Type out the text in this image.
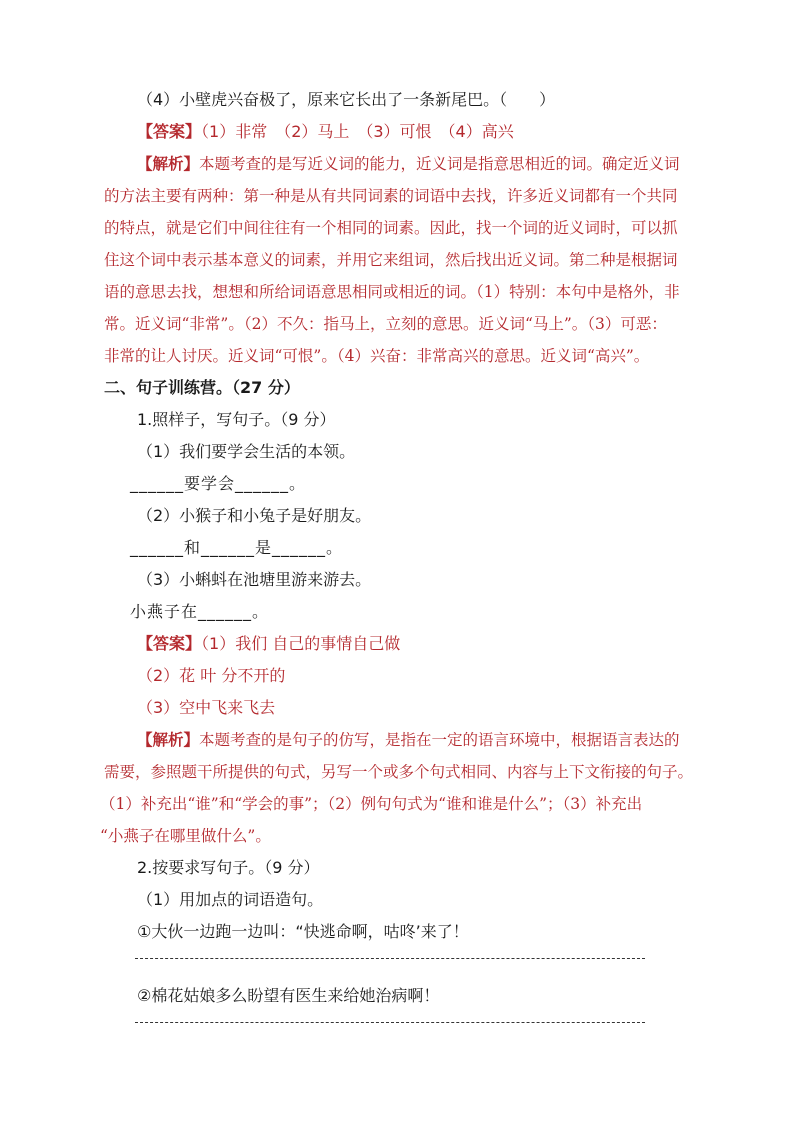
（4）小壁虎兴奋极了，原来它长出了一条新尾巴。（　　）
【答案】（1）非常　（2）马上　（3）可恨　（4）高兴
【解析】本题考查的是写近义词的能力，近义词是指意思相近的词。确定近义词
的方法主要有两种：第一种是从有共同词素的词语中去找，许多近义词都有一个共同
的特点，就是它们中间往往有一个相同的词素。因此，找一个词的近义词时，可以抓
住这个词中表示基本意义的词素，并用它来组词，然后找出近义词。第二种是根据词
语的意思去找，想想和所给词语意思相同或相近的词。（1）特别：本句中是格外，非
常。近义词“非常”。（2）不久：指马上，立刻的意思。近义词“马上”。（3）可恶：
非常的让人讨厌。近义词“可恨”。（4）兴奋：非常高兴的意思。近义词“高兴”。
二、句子训练营。（27 分）
1.照样子，写句子。（9 分）
（1）我们要学会生活的本领。
______要学会______。
（2）小猴子和小兔子是好朋友。
______和______是______。
（3）小蝌蚪在池塘里游来游去。
小燕子在______。
【答案】（1）我们 自己的事情自己做
（2）花 叶 分不开的
（3）空中飞来飞去
【解析】本题考查的是句子的仿写，是指在一定的语言环境中，根据语言表达的
需要，参照题干所提供的句式，另写一个或多个句式相同、内容与上下文衔接的句子。
（1）补充出“谁”和“学会的事”；（2）例句句式为“谁和谁是什么”；（3）补充出
“小燕子在哪里做什么”。
2.按要求写句子。（9 分）
（1）用加点的词语造句。
①大伙一边跑一边叫：“快逃命啊，咕咚’来了！
②棉花姑娘多么盼望有医生来给她治病啊！
